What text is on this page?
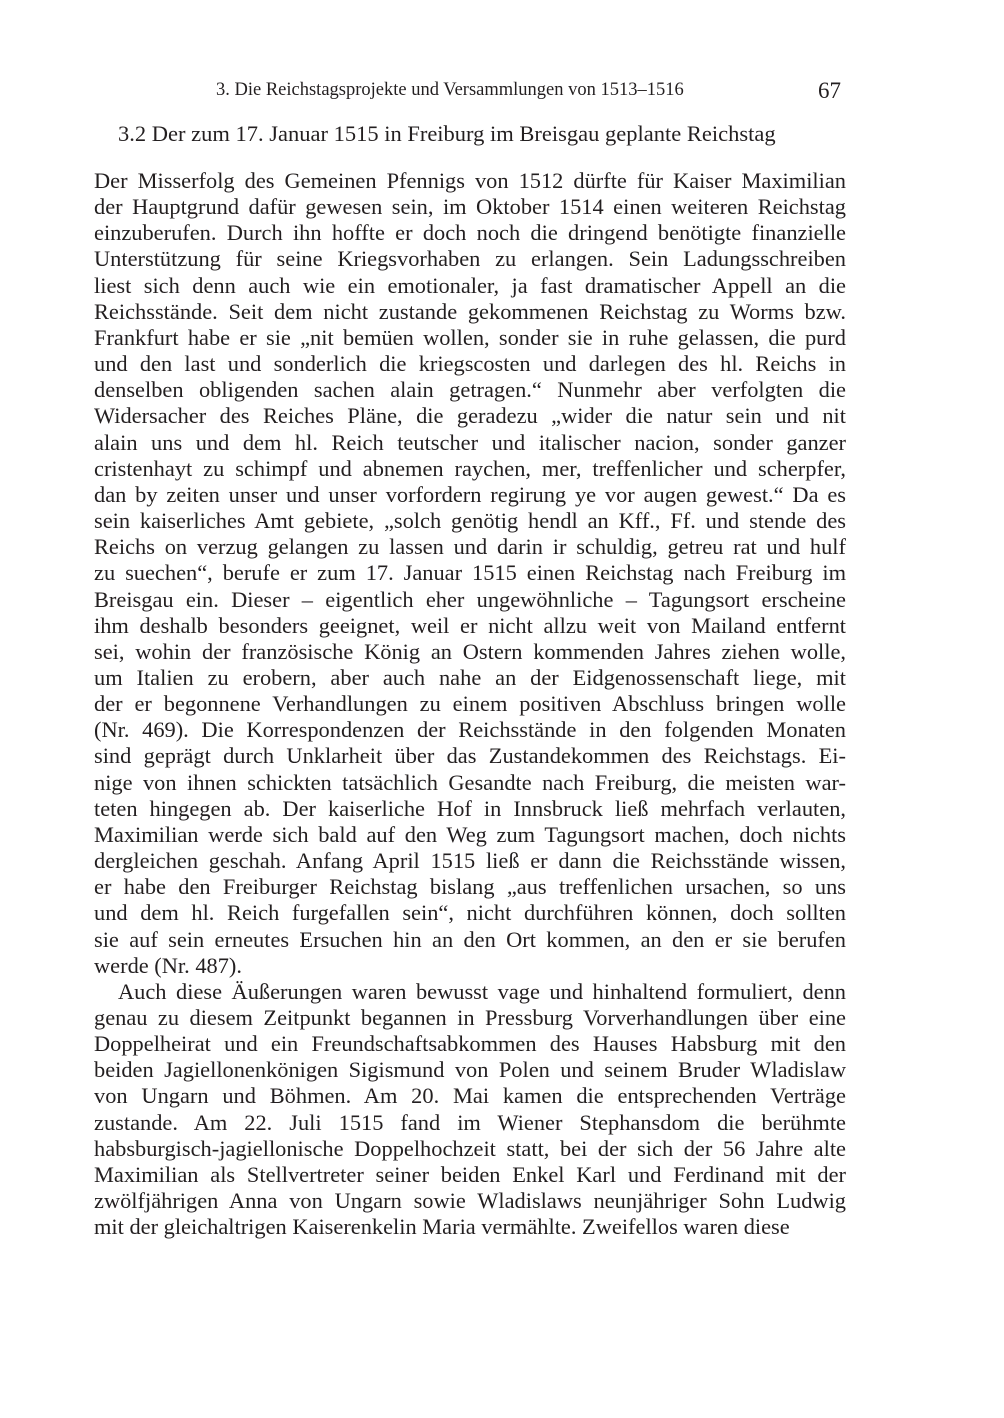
3. Die Reichstagsprojekte und Versammlungen von 1513–1516	67
3.2 Der zum 17. Januar 1515 in Freiburg im Breisgau geplante Reichstag
Der Misserfolg des Gemeinen Pfennigs von 1512 dürfte für Kaiser Maximilian
der Hauptgrund dafür gewesen sein, im Oktober 1514 einen weiteren Reichstag
einzuberufen. Durch ihn hoffte er doch noch die dringend benötigte finanzielle
Unterstützung für seine Kriegsvorhaben zu erlangen. Sein Ladungsschreiben
liest sich denn auch wie ein emotionaler, ja fast dramatischer Appell an die
Reichsstände. Seit dem nicht zustande gekommenen Reichstag zu Worms bzw.
Frankfurt habe er sie „nit bemüen wollen, sonder sie in ruhe gelassen, die purd
und den last und sonderlich die kriegscosten und darlegen des hl. Reichs in
denselben obligenden sachen alain getragen.“ Nunmehr aber verfolgten die
Widersacher des Reiches Pläne, die geradezu „wider die natur sein und nit
alain uns und dem hl. Reich teutscher und italischer nacion, sonder ganzer
cristenhayt zu schimpf und abnemen raychen, mer, treffenlicher und scherpfer,
dan by zeiten unser und unser vorfordern regirung ye vor augen gewest.“ Da es
sein kaiserliches Amt gebiete, „solch genötig hendl an Kff., Ff. und stende des
Reichs on verzug gelangen zu lassen und darin ir schuldig, getreu rat und hulf
zu suechen“, berufe er zum 17. Januar 1515 einen Reichstag nach Freiburg im
Breisgau ein. Dieser – eigentlich eher ungewöhnliche – Tagungsort erscheine
ihm deshalb besonders geeignet, weil er nicht allzu weit von Mailand entfernt
sei, wohin der französische König an Ostern kommenden Jahres ziehen wolle,
um Italien zu erobern, aber auch nahe an der Eidgenossenschaft liege, mit
der er begonnene Verhandlungen zu einem positiven Abschluss bringen wolle
(Nr. 469). Die Korrespondenzen der Reichsstände in den folgenden Monaten
sind geprägt durch Unklarheit über das Zustandekommen des Reichstags. Ei-
nige von ihnen schickten tatsächlich Gesandte nach Freiburg, die meisten war-
teten hingegen ab. Der kaiserliche Hof in Innsbruck ließ mehrfach verlauten,
Maximilian werde sich bald auf den Weg zum Tagungsort machen, doch nichts
dergleichen geschah. Anfang April 1515 ließ er dann die Reichsstände wissen,
er habe den Freiburger Reichstag bislang „aus treffenlichen ursachen, so uns
und dem hl. Reich furgefallen sein“, nicht durchführen können, doch sollten
sie auf sein erneutes Ersuchen hin an den Ort kommen, an den er sie berufen
werde (Nr. 487).
Auch diese Äußerungen waren bewusst vage und hinhaltend formuliert, denn
genau zu diesem Zeitpunkt begannen in Pressburg Vorverhandlungen über eine
Doppelheirat und ein Freundschaftsabkommen des Hauses Habsburg mit den
beiden Jagiellonenkönigen Sigismund von Polen und seinem Bruder Wladislaw
von Ungarn und Böhmen. Am 20. Mai kamen die entsprechenden Verträge
zustande. Am 22. Juli 1515 fand im Wiener Stephansdom die berühmte
habsburgisch-jagiellonische Doppelhochzeit statt, bei der sich der 56 Jahre alte
Maximilian als Stellvertreter seiner beiden Enkel Karl und Ferdinand mit der
zwölfjährigen Anna von Ungarn sowie Wladislaws neunjähriger Sohn Ludwig
mit der gleichaltrigen Kaiserenkelin Maria vermählte. Zweifellos waren diese
